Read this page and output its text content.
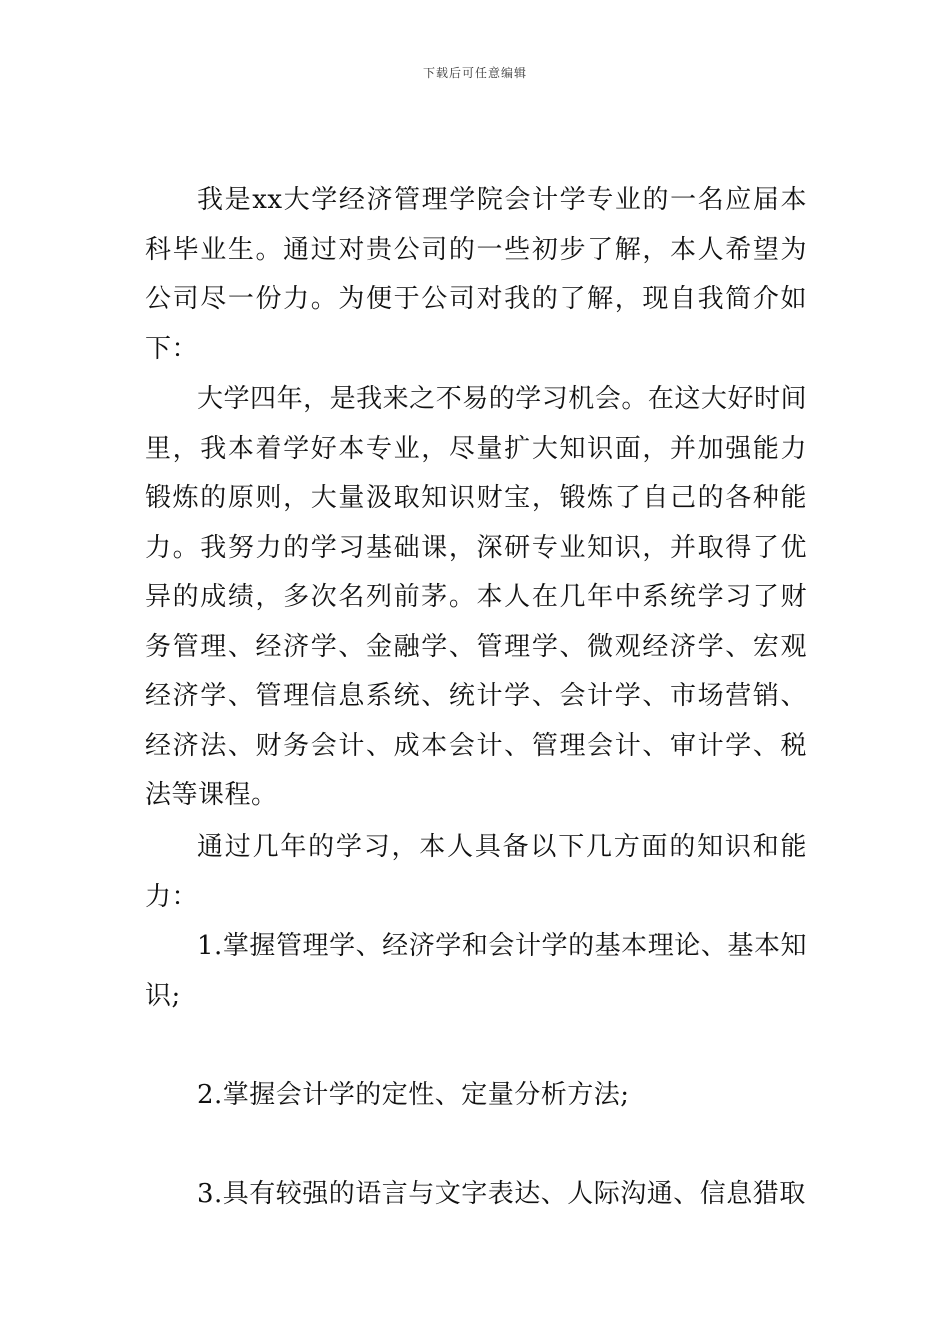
下载后可任意编辑

我是xx大学经济管理学院会计学专业的一名应届本科毕业生。通过对贵公司的一些初步了解，本人希望为公司尽一份力。为便于公司对我的了解，现自我简介如下：

大学四年，是我来之不易的学习机会。在这大好时间里，我本着学好本专业，尽量扩大知识面，并加强能力锻炼的原则，大量汲取知识财宝，锻炼了自己的各种能力。我努力的学习基础课，深研专业知识，并取得了优异的成绩，多次名列前茅。本人在几年中系统学习了财务管理、经济学、金融学、管理学、微观经济学、宏观经济学、管理信息系统、统计学、会计学、市场营销、经济法、财务会计、成本会计、管理会计、审计学、税法等课程。

通过几年的学习，本人具备以下几方面的知识和能力：

1.掌握管理学、经济学和会计学的基本理论、基本知识;

2.掌握会计学的定性、定量分析方法;

3.具有较强的语言与文字表达、人际沟通、信息猎取
